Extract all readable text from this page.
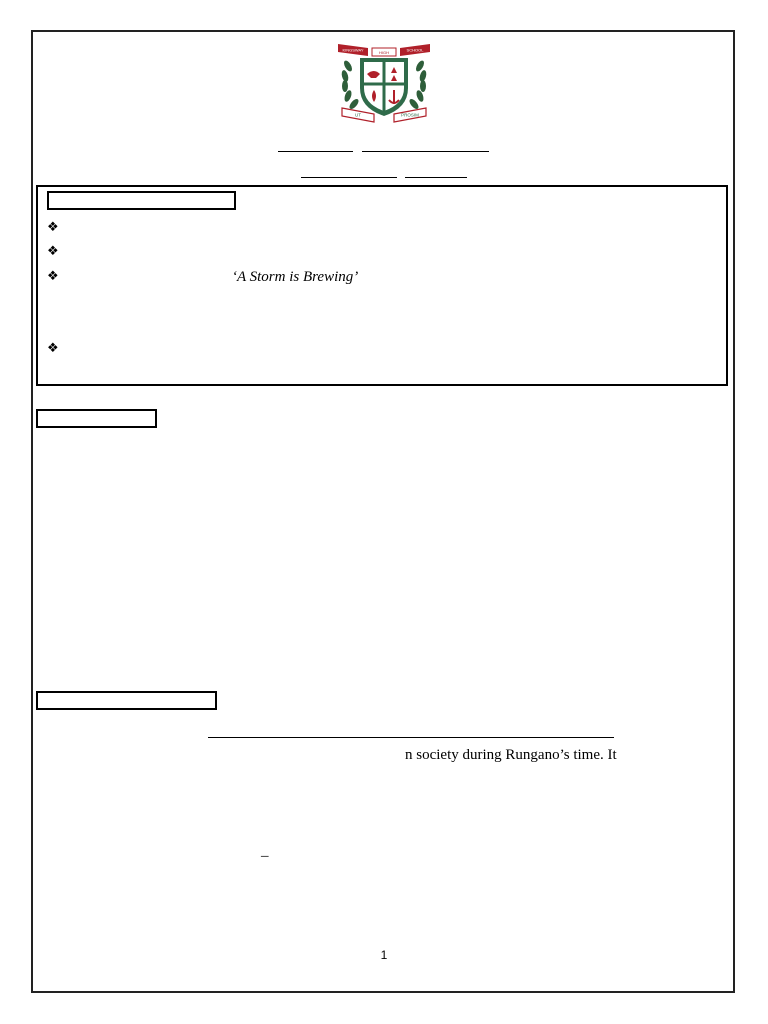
KINGSWAY	HIGH	SCHOOL
UT	PROSIM
❖
❖
❖	‘A Storm is Brewing’
❖
n society during Rungano’s time. It
–
1
